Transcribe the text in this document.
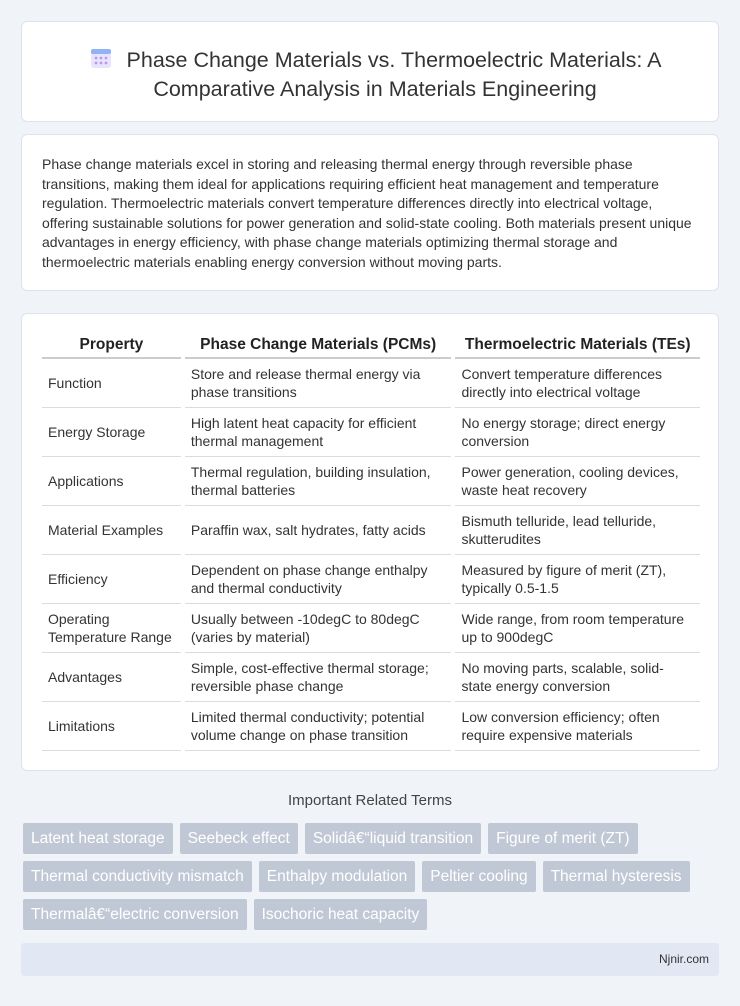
Phase Change Materials vs. Thermoelectric Materials: A Comparative Analysis in Materials Engineering

Phase change materials excel in storing and releasing thermal energy through reversible phase transitions, making them ideal for applications requiring efficient heat management and temperature regulation. Thermoelectric materials convert temperature differences directly into electrical voltage, offering sustainable solutions for power generation and solid-state cooling. Both materials present unique advantages in energy efficiency, with phase change materials optimizing thermal storage and thermoelectric materials enabling energy conversion without moving parts.

Property		Phase Change Materials (PCMs)		Thermoelectric Materials (TEs)
Function		Store and release thermal energy via phase transitions		Convert temperature differences directly into electrical voltage
Energy Storage		High latent heat capacity for efficient thermal management		No energy storage; direct energy conversion
Applications		Thermal regulation, building insulation, thermal batteries		Power generation, cooling devices, waste heat recovery
Material Examples		Paraffin wax, salt hydrates, fatty acids		Bismuth telluride, lead telluride, skutterudites
Efficiency		Dependent on phase change enthalpy and thermal conductivity		Measured by figure of merit (ZT), typically 0.5-1.5
Operating Temperature Range		Usually between -10degC to 80degC (varies by material)		Wide range, from room temperature up to 900degC
Advantages		Simple, cost-effective thermal storage; reversible phase change		No moving parts, scalable, solid-state energy conversion
Limitations		Limited thermal conductivity; potential volume change on phase transition		Low conversion efficiency; often require expensive materials
Important Related Terms
Latent heat storage	Seebeck effect	Solidâ€“liquid transition	Figure of merit (ZT)
Thermal conductivity mismatch	Enthalpy modulation	Peltier cooling	Thermal hysteresis
Thermalâ€“electric conversion	Isochoric heat capacity
Njnir.com
